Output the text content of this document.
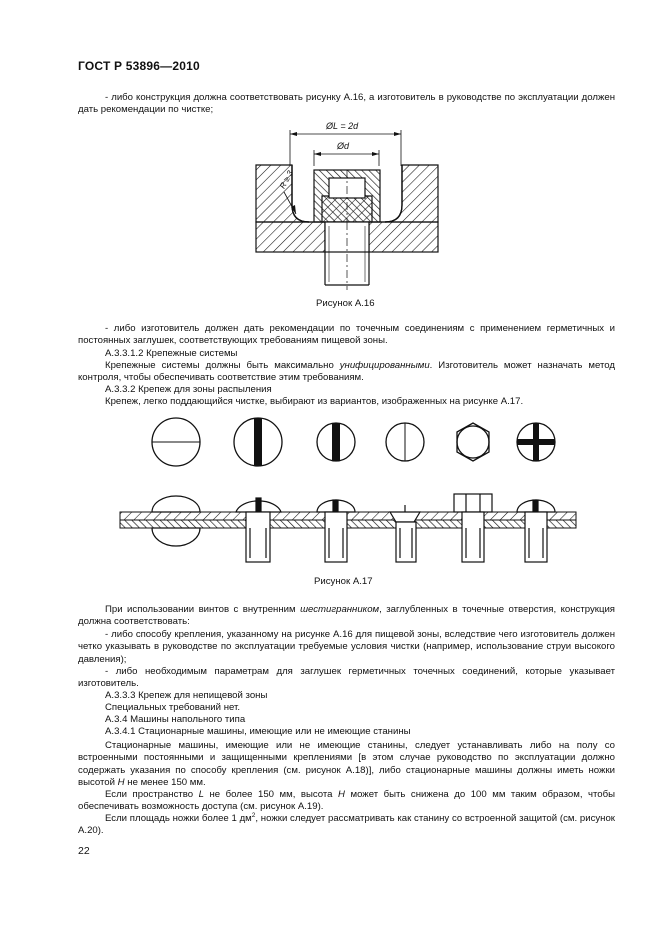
ГОСТ Р 53896—2010

- либо конструкция должна соответствовать рисунку А.16, а изготовитель в руководстве по эксплуатации должен дать рекомендации по чистке;

ØL = 2d
Ød
R ≥ 3
Рисунок А.16

- либо изготовитель должен дать рекомендации по точечным соединениям с применением герметичных и постоянных заглушек, соответствующих требованиям пищевой зоны.

А.3.3.1.2 Крепежные системы

Крепежные системы должны быть максимально унифицированными. Изготовитель может назначать метод контроля, чтобы обеспечивать соответствие этим требованиям.

А.3.3.2 Крепеж для зоны распыления
Крепеж, легко поддающийся чистке, выбирают из вариантов, изображенных на рисунке А.17.
Рисунок А.17

При использовании винтов с внутренним шестигранником, заглубленных в точечные отверстия, конструкция должна соответствовать:

- либо способу крепления, указанному на рисунке А.16 для пищевой зоны, вследствие чего изготовитель должен четко указывать в руководстве по эксплуатации требуемые условия чистки (например, использование струи высокого давления);

- либо необходимым параметрам для заглушек герметичных точечных соединений, которые указывает изготовитель.

А.3.3.3 Крепеж для непищевой зоны
Специальных требований нет.
А.3.4 Машины напольного типа
А.3.4.1 Стационарные машины, имеющие или не имеющие станины

Стационарные машины, имеющие или не имеющие станины, следует устанавливать либо на полу со встроенными постоянными и защищенными креплениями [в этом случае руководство по эксплуатации должно содержать указания по способу крепления (см. рисунок А.18)], либо стационарные машины должны иметь ножки высотой H не менее 150 мм.

Если пространство L не более 150 мм, высота H может быть снижена до 100 мм таким образом, чтобы обеспечивать возможность доступа (см. рисунок А.19).

Если площадь ножки более 1 $дм^2$, ножки следует рассматривать как станину со встроенной защитой (см. рисунок А.20).

22
